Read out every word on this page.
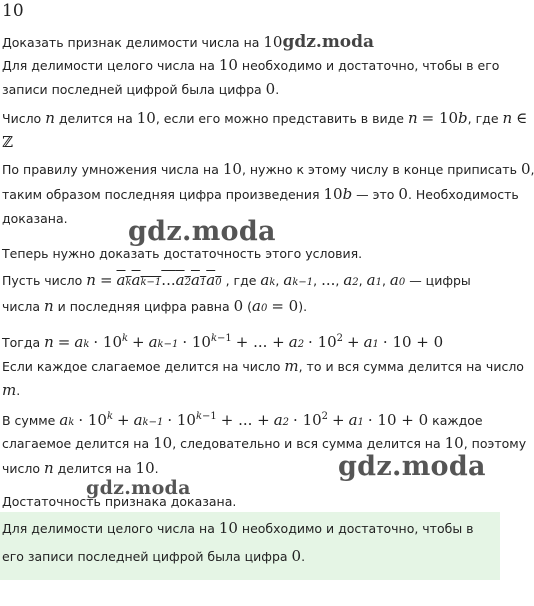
10
Доказать признак делимости числа на 10gdz.moda
Для делимости целого числа на 10 необходимо и достаточно, чтобы в его
записи последней цифрой была цифра 0.
Число n делится на 10, если его можно представить в виде n = 10b, где n ∈
ℤ
По правилу умножения числа на 10, нужно к этому числу в конце приписать 0
таким образом последняя цифра произведения 10b — это 0. Необходимость
доказана.
Теперь нужно доказать достаточность этого условия.
Пусть число n = akak−1...a2a1a0 , где ak, ak−1, ..., a2, a1, a0 — цифры
числа n и последняя цифра равна 0 (a0 = 0).
Тогда n = ak · $10^k + ak-1 \cdot 10^{k-1}$ + ... + $a2 \cdot 10^2 + a1 \cdot 10 + 0$
Если каждое слагаемое делится на число m, то и вся сумма делится на число
m.
В сумме ak · $10^k + ak-1 \cdot 10^{k-1}$ + ... + $a2 \cdot 10^2 + a1 \cdot 10 + 0$ каждое
слагаемое делится на 10, следовательно и вся сумма делится на 10, поэтому
число n делится на 10.
Достаточность признака доказана.
Для делимости целого числа на 10 необходимо и достаточно, чтобы в
его записи последней цифрой была цифра 0.
gdz.moda
gdz.moda
gdz.moda
